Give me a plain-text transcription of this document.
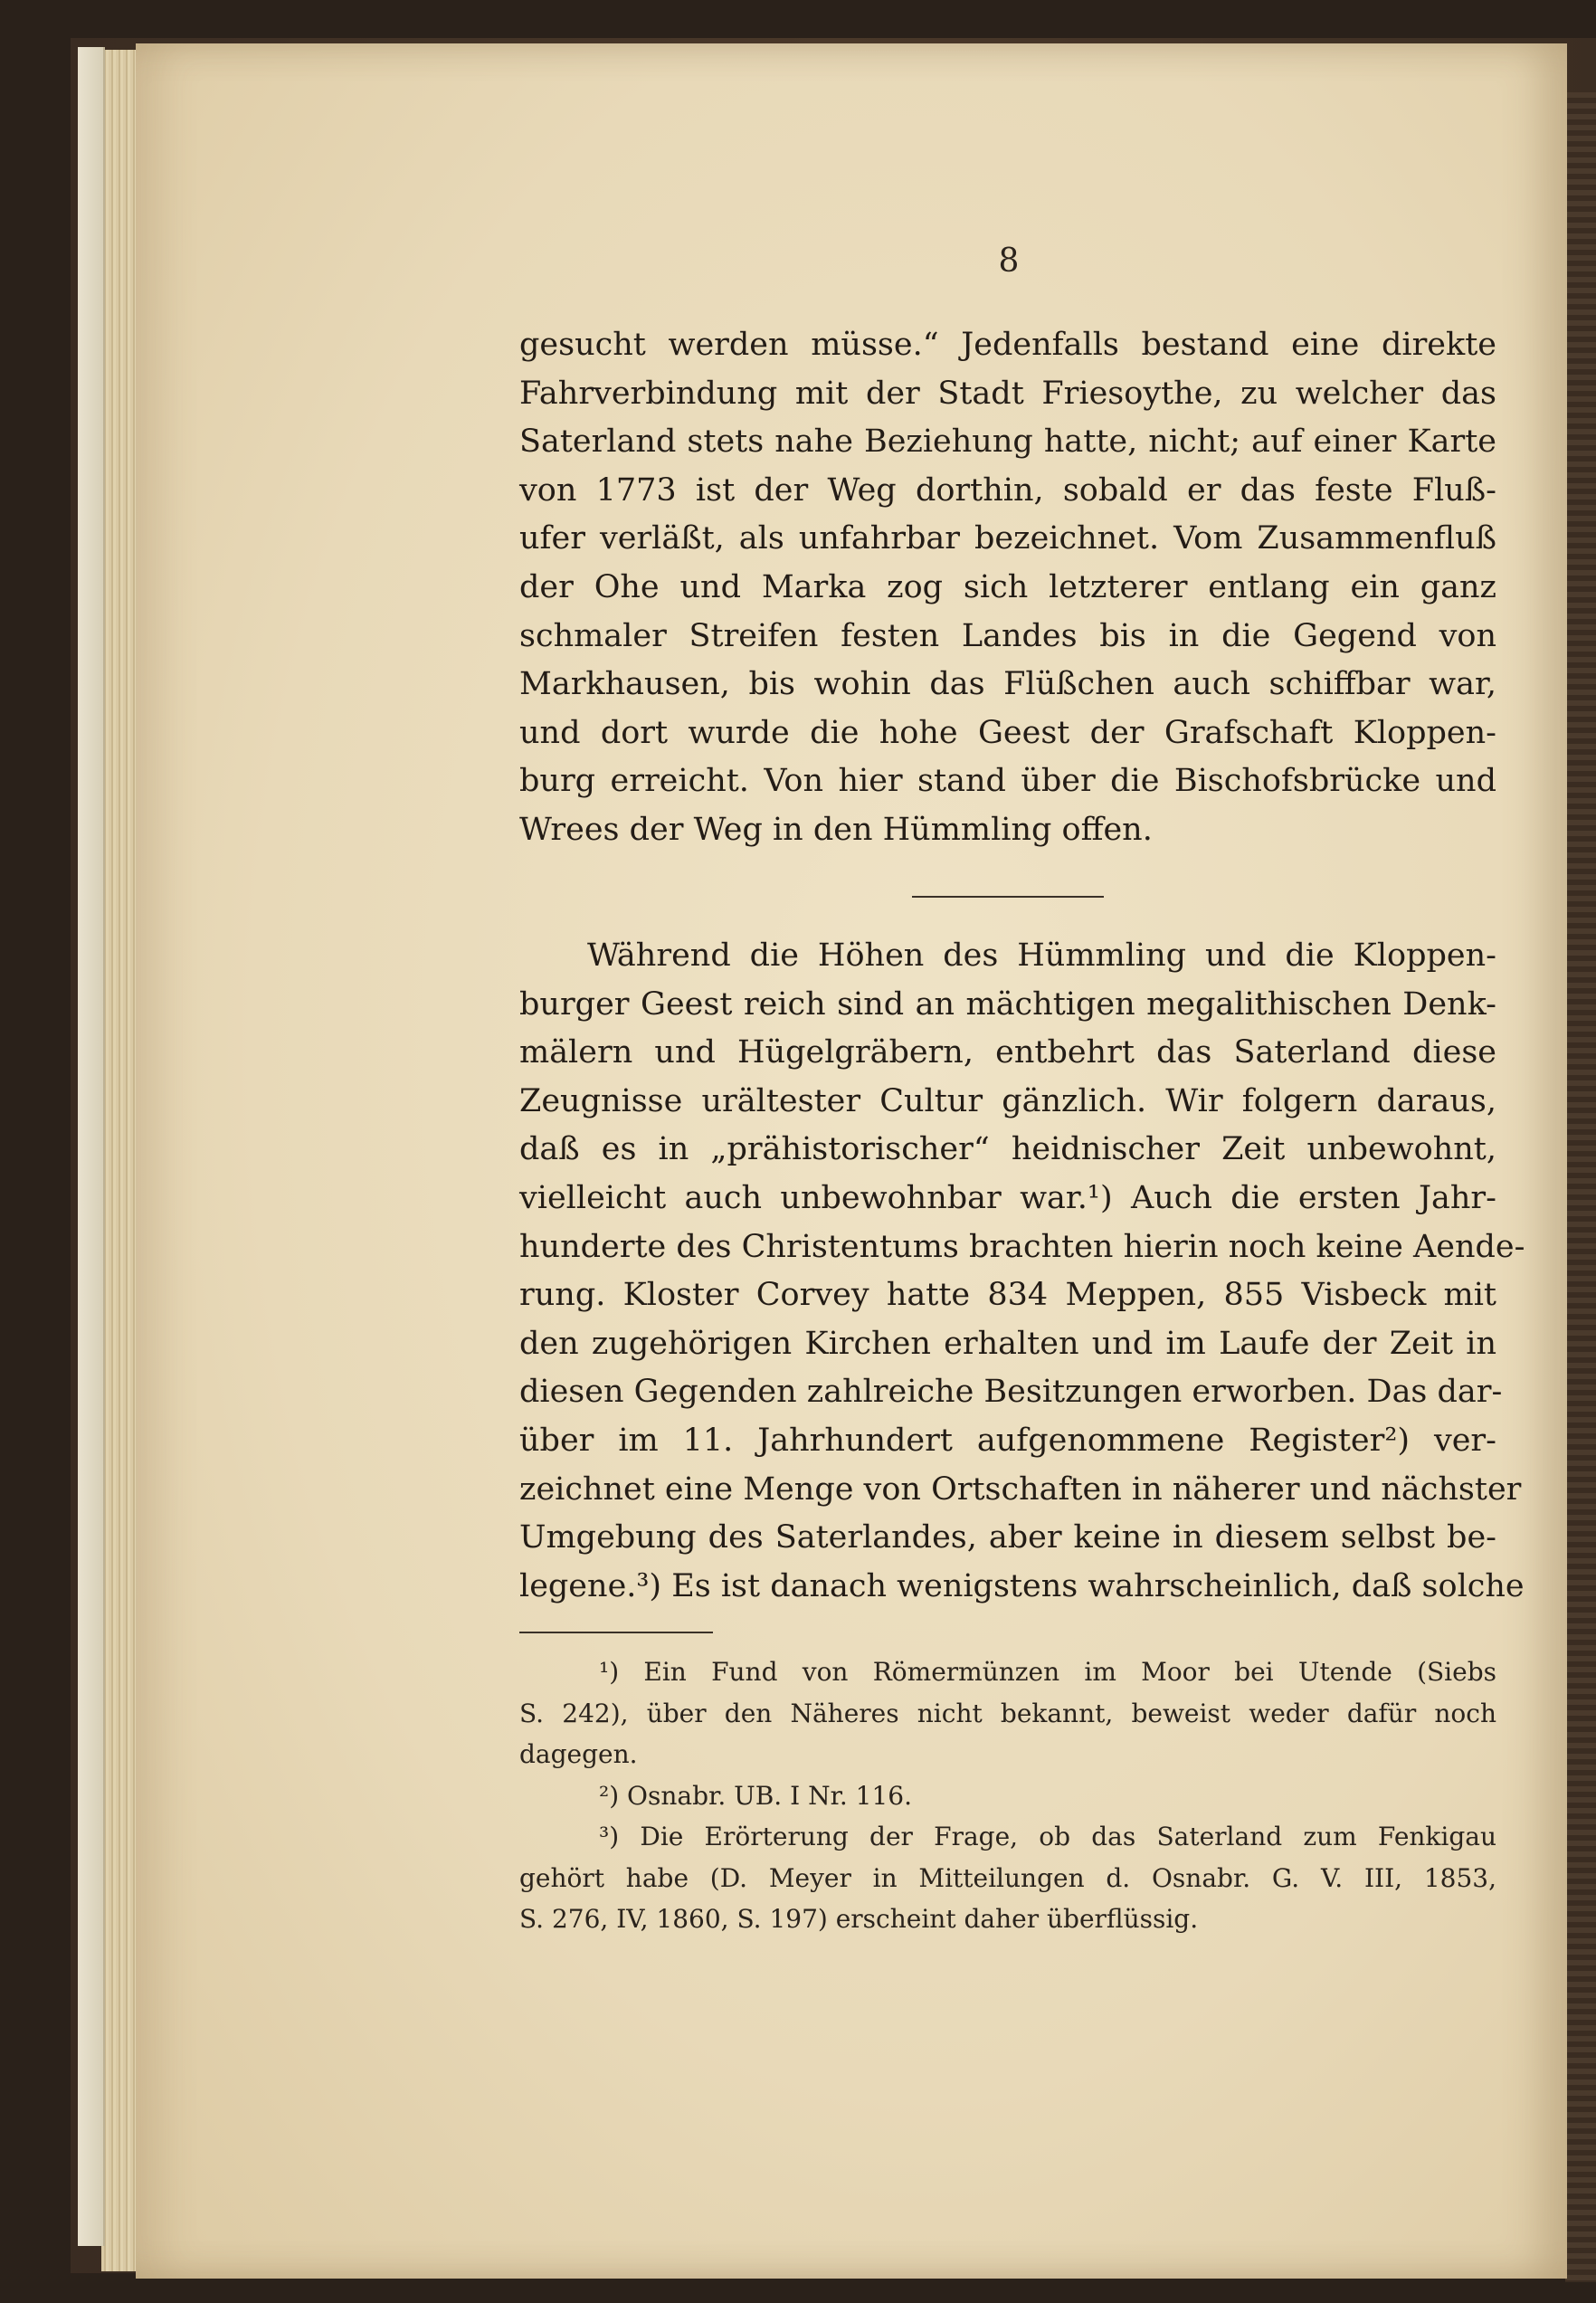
8
gesucht werden müsse.“ Jedenfalls bestand eine direkte
Fahrverbindung mit der Stadt Friesoythe, zu welcher das
Saterland stets nahe Beziehung hatte, nicht; auf einer Karte
von 1773 ist der Weg dorthin, sobald er das feste Fluß-
ufer verläßt, als unfahrbar bezeichnet. Vom Zusammenfluß
der Ohe und Marka zog sich letzterer entlang ein ganz
schmaler Streifen festen Landes bis in die Gegend von
Markhausen, bis wohin das Flüßchen auch schiffbar war,
und dort wurde die hohe Geest der Grafschaft Kloppen-
burg erreicht. Von hier stand über die Bischofsbrücke und
Wrees der Weg in den Hümmling offen.
Während die Höhen des Hümmling und die Kloppen-
burger Geest reich sind an mächtigen megalithischen Denk-
mälern und Hügelgräbern, entbehrt das Saterland diese
Zeugnisse urältester Cultur gänzlich. Wir folgern daraus,
daß es in „prähistorischer“ heidnischer Zeit unbewohnt,
vielleicht auch unbewohnbar war.¹) Auch die ersten Jahr-
hunderte des Christentums brachten hierin noch keine Aende-
rung. Kloster Corvey hatte 834 Meppen, 855 Visbeck mit
den zugehörigen Kirchen erhalten und im Laufe der Zeit in
diesen Gegenden zahlreiche Besitzungen erworben. Das dar-
über im 11. Jahrhundert aufgenommene Register²) ver-
zeichnet eine Menge von Ortschaften in näherer und nächster
Umgebung des Saterlandes, aber keine in diesem selbst be-
legene.³) Es ist danach wenigstens wahrscheinlich, daß solche
¹) Ein Fund von Römermünzen im Moor bei Utende (Siebs
S. 242), über den Näheres nicht bekannt, beweist weder dafür noch
dagegen.
²) Osnabr. UB. I Nr. 116.
³) Die Erörterung der Frage, ob das Saterland zum Fenkigau
gehört habe (D. Meyer in Mitteilungen d. Osnabr. G. V. III, 1853,
S. 276, IV, 1860, S. 197) erscheint daher überflüssig.
